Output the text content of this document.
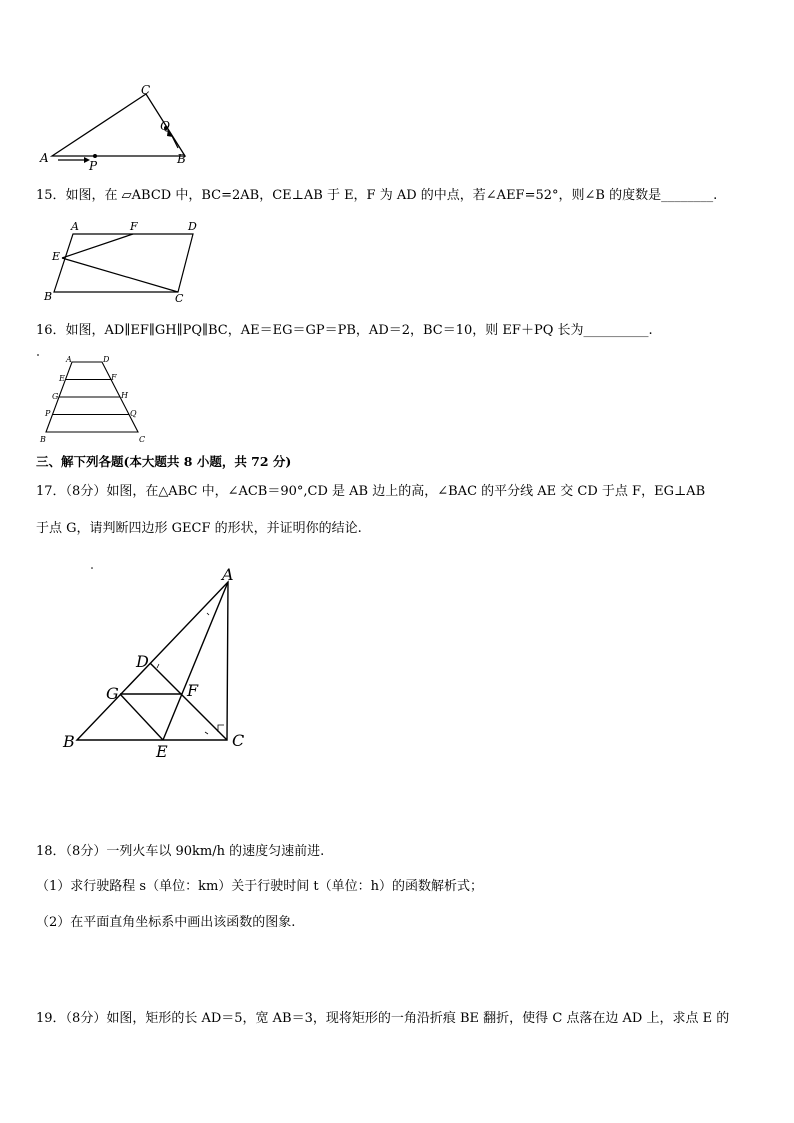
A
C
B
P
Q
15．如图，在 ▱ABCD 中，BC=2AB，CE⊥AB 于 E，F 为 AD 的中点，若∠AEF=52°，则∠B 的度数是________.
A	F	D
E
B	C
16．如图，AD∥EF∥GH∥PQ∥BC，AE＝EG＝GP＝PB，AD＝2，BC＝10，则 EF＋PQ 长为__________.
A	D
E	F
G	H
P	Q
B	C
三、解下列各题(本大题共 8 小题，共 72 分)
17．（8分）如图，在△ABC 中，∠ACB＝90°,CD 是 AB 边上的高，∠BAC 的平分线 AE 交 CD 于点 F，EG⊥AB
于点 G，请判断四边形 GECF 的形状，并证明你的结论.
A
D
G	F
B
E
C
18．（8分）一列火车以 90km/h 的速度匀速前进.
（1）求行驶路程 s（单位：km）关于行驶时间 t（单位：h）的函数解析式；
（2）在平面直角坐标系中画出该函数的图象.
19．（8分）如图，矩形的长 AD＝5，宽 AB＝3，现将矩形的一角沿折痕 BE 翻折，使得 C 点落在边 AD 上，求点 E 的
